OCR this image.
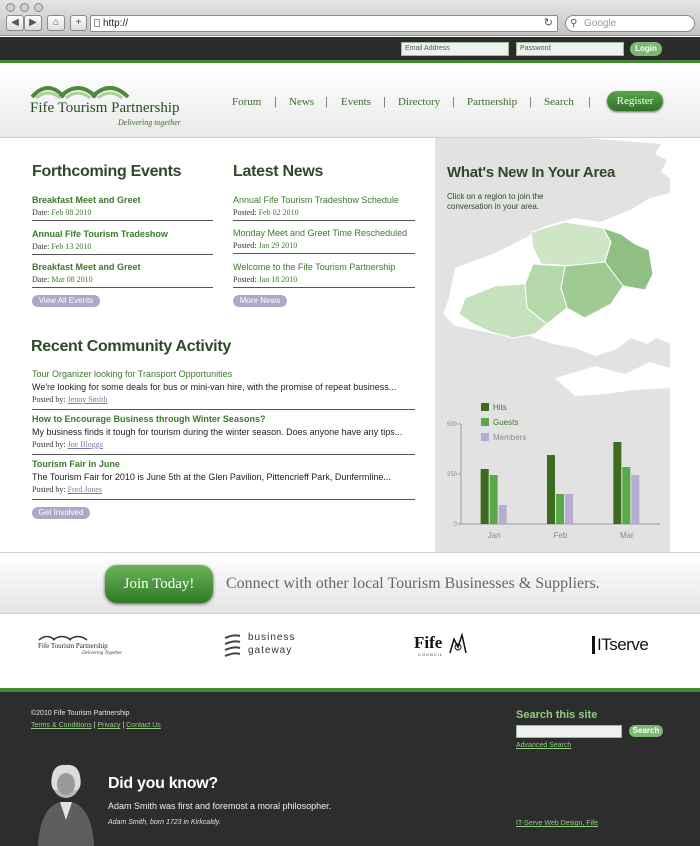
◀	▶	⌂	+	http://	↻ ⚲ Google
Email Address	Password	Login
Fife Tourism Partnership
Delivering together
Forum | News | Events | Directory | Partnership | Search |	Register
Forthcoming Events
Breakfast Meet and Greet
Date: Feb 08 2010
Annual Fife Tourism Tradeshow
Date: Feb 13 2010
Breakfast Meet and Greet
Date: Mar 08 2010
View All Events
Latest News
Annual Fife Tourism Tradeshow Schedule
Posted: Feb 02 2010
Monday Meet and Greet Time Rescheduled
Posted: Jan 29 2010
Welcome to the Fife Tourism Partnership
Posted: Jan 18 2010
More News
Recent Community Activity
Tour Organizer looking for Transport Opportunities
We're looking for some deals for bus or mini-van hire, with the promise of repeat business...
Posted by: Jenny Smith
How to Encourage Business through Winter Seasons?
My business finds it tough for tourism during the winter season. Does anyone have any tips...
Posted by: Joe Bloggs
Tourism Fair in June
The Tourism Fair for 2010 is June 5th at the Glen Pavilion, Pittencrieff Park, Dunfermline...
Posted by: Fred Jones
Get Involved
What's New In Your Area
Click on a region to join the conversation in your area.
Hits
Guests
Members
0
250
500
Jan	Feb	Mar
Join Today!	Connect with other local Tourism Businesses & Suppliers.
Fife Tourism Partnership
Delivering Together
business
gateway	Fife
COUNCIL
ITserve
©2010 Fife Tourism Partnership
Terms & Conditions | Privacy | Contact Us
Search this site
Search
Advanced Search
IT-Serve Web Design, Fife
Did you know?
Adam Smith was first and foremost a moral philosopher.
Adam Smith, born 1723 in Kirkcaldy.
